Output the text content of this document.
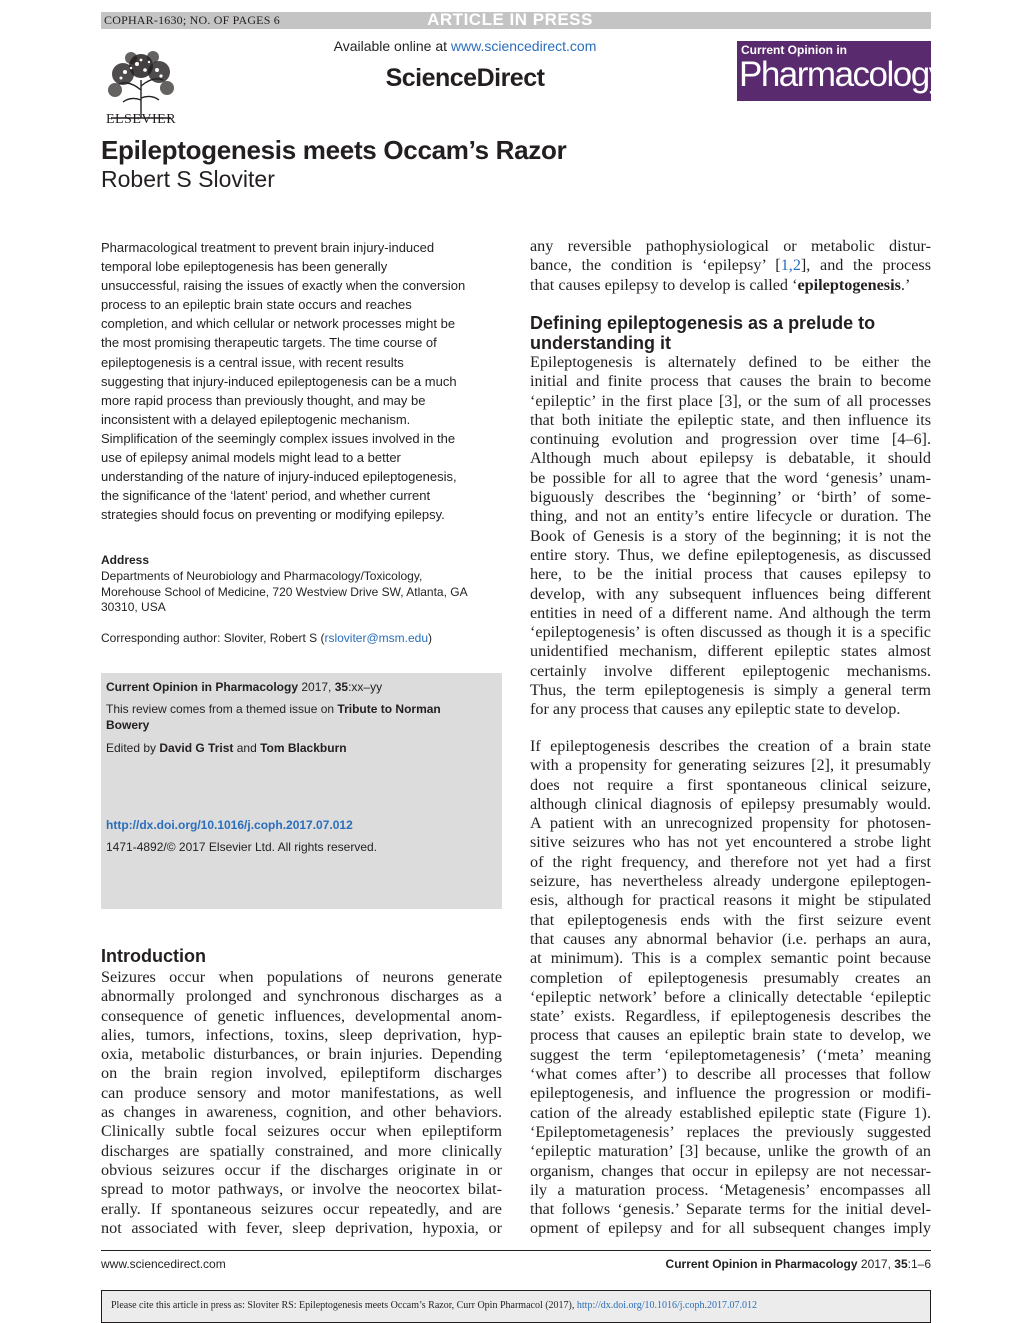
COPHAR-1630; NO. OF PAGES 6	ARTICLE IN PRESS
ELSEVIER
Available online at www.sciencedirect.com
ScienceDirect
Current Opinion in
Pharmacology
Epileptogenesis meets Occam’s Razor
Robert S Sloviter
Pharmacological treatment to prevent brain injury-induced
temporal lobe epileptogenesis has been generally
unsuccessful, raising the issues of exactly when the conversion
process to an epileptic brain state occurs and reaches
completion, and which cellular or network processes might be
the most promising therapeutic targets. The time course of
epileptogenesis is a central issue, with recent results
suggesting that injury-induced epileptogenesis can be a much
more rapid process than previously thought, and may be
inconsistent with a delayed epileptogenic mechanism.
Simplification of the seemingly complex issues involved in the
use of epilepsy animal models might lead to a better
understanding of the nature of injury-induced epileptogenesis,
the significance of the ‘latent’ period, and whether current
strategies should focus on preventing or modifying epilepsy.
Address
Departments of Neurobiology and Pharmacology/Toxicology,
Morehouse School of Medicine, 720 Westview Drive SW, Atlanta, GA
30310, USA
Corresponding author: Sloviter, Robert S (rsloviter@msm.edu)
Current Opinion in Pharmacology 2017, 35:xx–yy
This review comes from a themed issue on Tribute to Norman
Bowery
Edited by David G Trist and Tom Blackburn
http://dx.doi.org/10.1016/j.coph.2017.07.012
1471-4892/© 2017 Elsevier Ltd. All rights reserved.
Introduction
Seizures occur when populations of neurons generate
abnormally prolonged and synchronous discharges as a
consequence of genetic influences, developmental anom-
alies, tumors, infections, toxins, sleep deprivation, hyp-
oxia, metabolic disturbances, or brain injuries. Depending
on the brain region involved, epileptiform discharges
can produce sensory and motor manifestations, as well
as changes in awareness, cognition, and other behaviors.
Clinically subtle focal seizures occur when epileptiform
discharges are spatially constrained, and more clinically
obvious seizures occur if the discharges originate in or
spread to motor pathways, or involve the neocortex bilat-
erally. If spontaneous seizures occur repeatedly, and are
not associated with fever, sleep deprivation, hypoxia, or
any reversible pathophysiological or metabolic distur-
bance, the condition is ‘epilepsy’ [1,2], and the process
that causes epilepsy to develop is called ‘epileptogenesis.’
Defining epileptogenesis as a prelude to understanding it
Epileptogenesis is alternately defined to be either the
initial and finite process that causes the brain to become
‘epileptic’ in the first place [3], or the sum of all processes
that both initiate the epileptic state, and then influence its
continuing evolution and progression over time [4–6].
Although much about epilepsy is debatable, it should
be possible for all to agree that the word ‘genesis’ unam-
biguously describes the ‘beginning’ or ‘birth’ of some-
thing, and not an entity’s entire lifecycle or duration. The
Book of Genesis is a story of the beginning; it is not the
entire story. Thus, we define epileptogenesis, as discussed
here, to be the initial process that causes epilepsy to
develop, with any subsequent influences being different
entities in need of a different name. And although the term
‘epileptogenesis’ is often discussed as though it is a specific
unidentified mechanism, different epileptic states almost
certainly involve different epileptogenic mechanisms.
Thus, the term epileptogenesis is simply a general term
for any process that causes any epileptic state to develop.
If epileptogenesis describes the creation of a brain state
with a propensity for generating seizures [2], it presumably
does not require a first spontaneous clinical seizure,
although clinical diagnosis of epilepsy presumably would.
A patient with an unrecognized propensity for photosen-
sitive seizures who has not yet encountered a strobe light
of the right frequency, and therefore not yet had a first
seizure, has nevertheless already undergone epileptogen-
esis, although for practical reasons it might be stipulated
that epileptogenesis ends with the first seizure event
that causes any abnormal behavior (i.e. perhaps an aura,
at minimum). This is a complex semantic point because
completion of epileptogenesis presumably creates an
‘epileptic network’ before a clinically detectable ‘epileptic
state’ exists. Regardless, if epileptogenesis describes the
process that causes an epileptic brain state to develop, we
suggest the term ‘epileptometagenesis’ (‘meta’ meaning
‘what comes after’) to describe all processes that follow
epileptogenesis, and influence the progression or modifi-
cation of the already established epileptic state (Figure 1).
‘Epileptometagenesis’ replaces the previously suggested
‘epileptic maturation’ [3] because, unlike the growth of an
organism, changes that occur in epilepsy are not necessar-
ily a maturation process. ‘Metagenesis’ encompasses all
that follows ‘genesis.’ Separate terms for the initial devel-
opment of epilepsy and for all subsequent changes imply
www.sciencedirect.com	Current Opinion in Pharmacology 2017, 35:1–6
Please cite this article in press as: Sloviter RS: Epileptogenesis meets Occam’s Razor, Curr Opin Pharmacol (2017), http://dx.doi.org/10.1016/j.coph.2017.07.012
